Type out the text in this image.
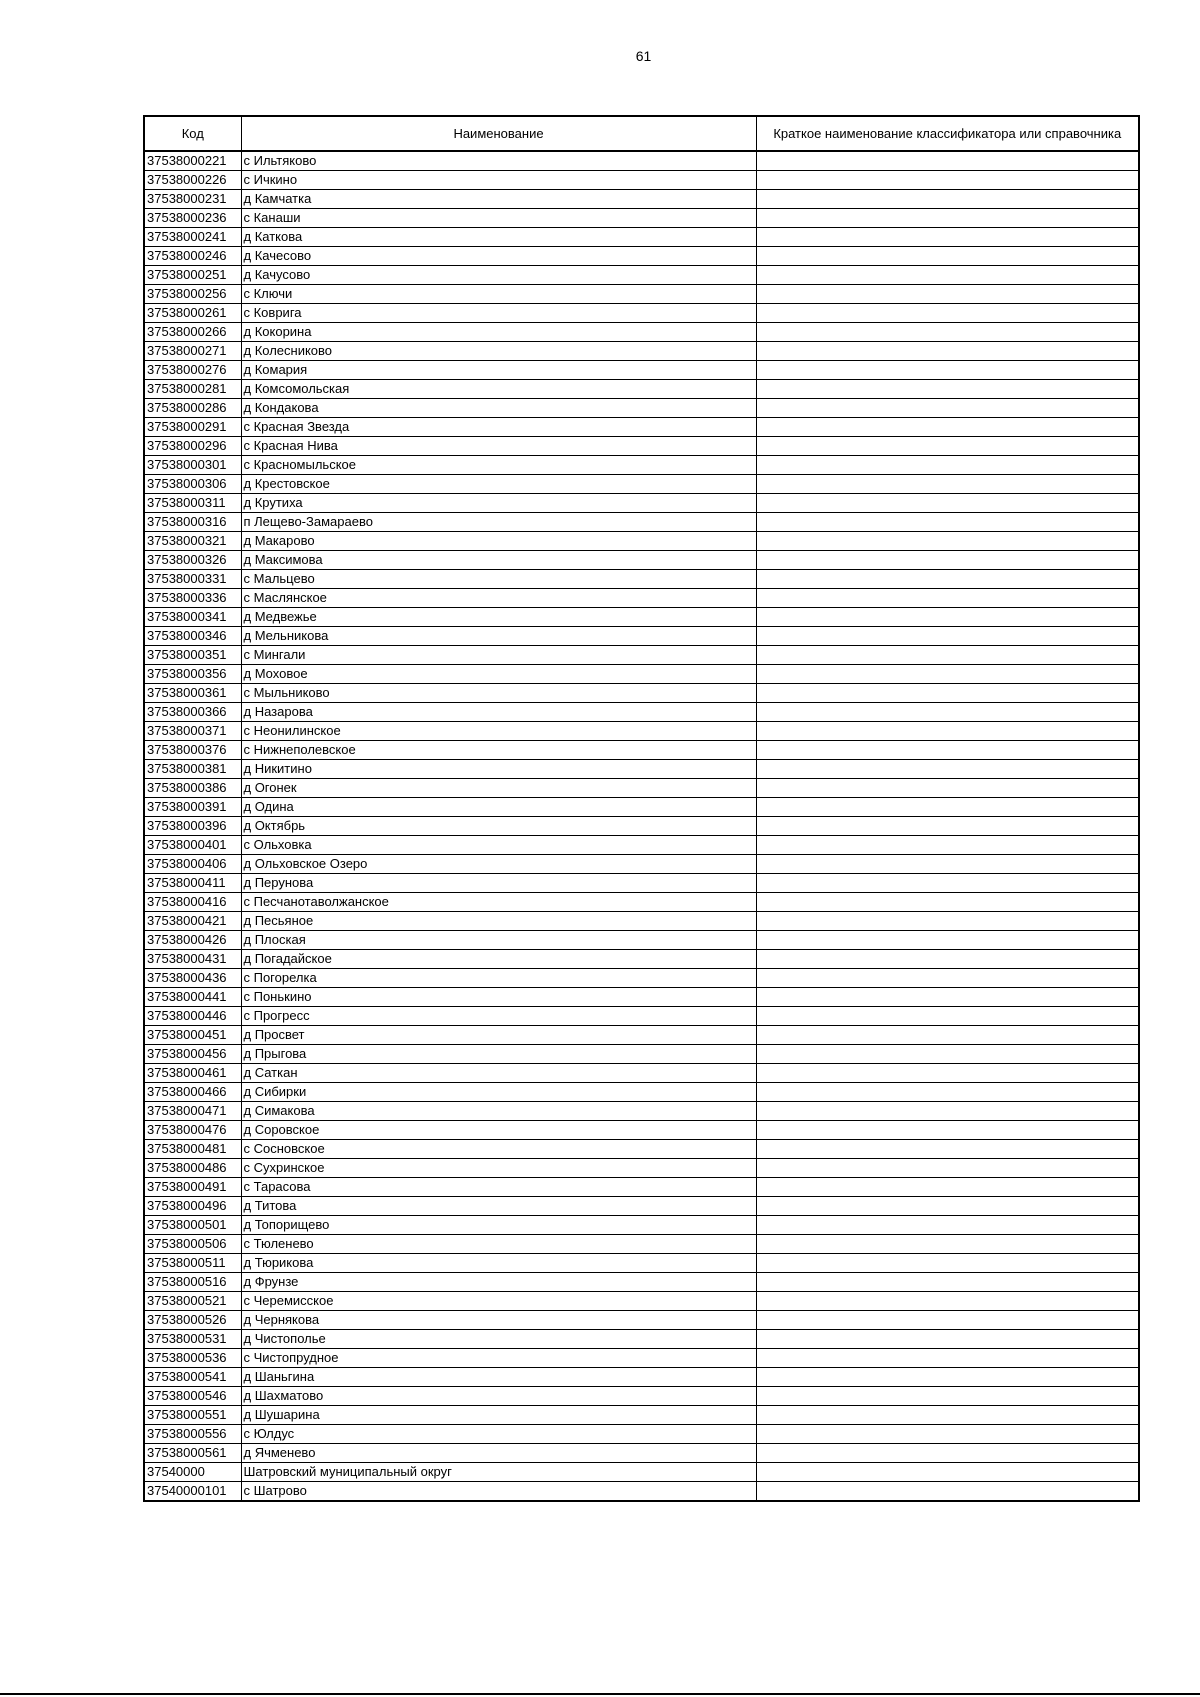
61
Код	Наименование	Краткое наименование классификатора или справочника
37538000221	с Ильтяково	
37538000226	с Ичкино	
37538000231	д Камчатка	
37538000236	с Канаши	
37538000241	д Каткова	
37538000246	д Качесово	
37538000251	д Качусово	
37538000256	с Ключи	
37538000261	с Коврига	
37538000266	д Кокорина	
37538000271	д Колесниково	
37538000276	д Комария	
37538000281	д Комсомольская	
37538000286	д Кондакова	
37538000291	с Красная Звезда	
37538000296	с Красная Нива	
37538000301	с Красномыльское	
37538000306	д Крестовское	
37538000311	д Крутиха	
37538000316	п Лещево-Замараево	
37538000321	д Макарово	
37538000326	д Максимова	
37538000331	с Мальцево	
37538000336	с Маслянское	
37538000341	д Медвежье	
37538000346	д Мельникова	
37538000351	с Мингали	
37538000356	д Моховое	
37538000361	с Мыльниково	
37538000366	д Назарова	
37538000371	с Неонилинское	
37538000376	с Нижнеполевское	
37538000381	д Никитино	
37538000386	д Огонек	
37538000391	д Одина	
37538000396	д Октябрь	
37538000401	с Ольховка	
37538000406	д Ольховское Озеро	
37538000411	д Перунова	
37538000416	с Песчанотаволжанское	
37538000421	д Песьяное	
37538000426	д Плоская	
37538000431	д Погадайское	
37538000436	с Погорелка	
37538000441	с Понькино	
37538000446	с Прогресс	
37538000451	д Просвет	
37538000456	д Прыгова	
37538000461	д Саткан	
37538000466	д Сибирки	
37538000471	д Симакова	
37538000476	д Соровское	
37538000481	с Сосновское	
37538000486	с Сухринское	
37538000491	с Тарасова	
37538000496	д Титова	
37538000501	д Топорищево	
37538000506	с Тюленево	
37538000511	д Тюрикова	
37538000516	д Фрунзе	
37538000521	с Черемисское	
37538000526	д Чернякова	
37538000531	д Чистополье	
37538000536	с Чистопрудное	
37538000541	д Шаньгина	
37538000546	д Шахматово	
37538000551	д Шушарина	
37538000556	с Юлдус	
37538000561	д Ячменево	
37540000	Шатровский муниципальный округ	
37540000101	с Шатрово	
